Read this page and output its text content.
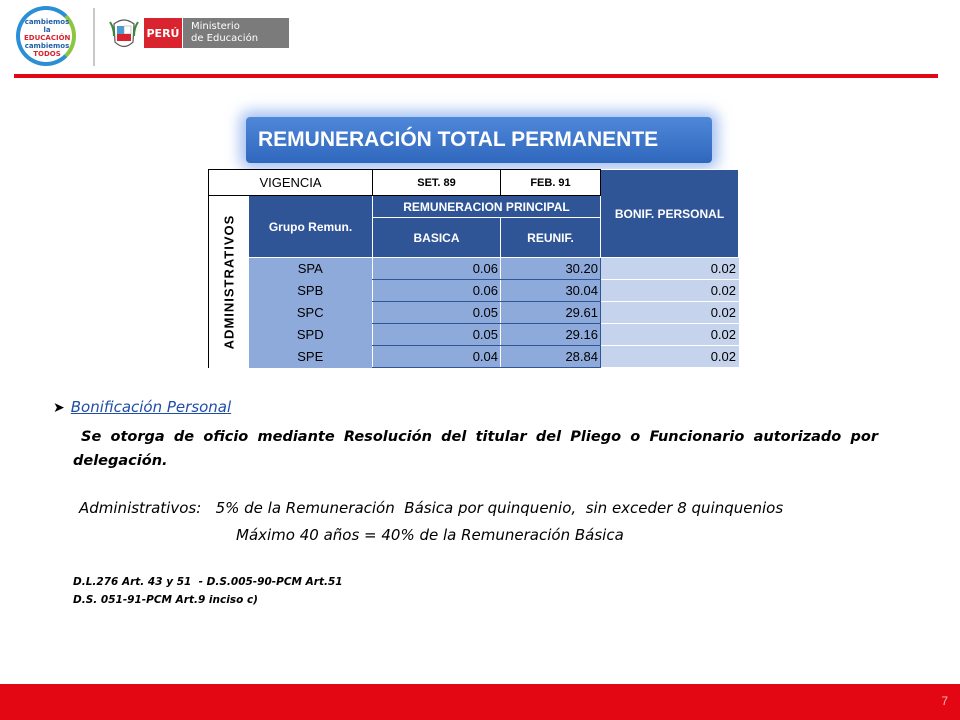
cambiemos la
EDUCACIÓN
cambiemos
TODOS
PERÚ Ministerio
de Educación
REMUNERACIÓN TOTAL PERMANENTE
VIGENCIA		SET. 89	FEB. 91	BONIF. PERSONAL

ADMINISTRATIVOS	Grupo Remun.	REMUNERACION PRINCIPAL		
		BASICA	REUNIF.	
	SPA	0.06	30.20	0.02
	SPB	0.06	30.04	0.02
	SPC	0.05	29.61	0.02
	SPD	0.05	29.16	0.02
	SPE	0.04	28.84	0.02
➤ Bonificación Personal
Se otorga de oficio mediante Resolución del titular del Pliego o Funcionario autorizado por delegación.
Administrativos:   5% de la Remuneración  Básica por quinquenio,  sin exceder 8 quinquenios
Máximo 40 años = 40% de la Remuneración Básica
D.L.276 Art. 43 y 51  - D.S.005-90-PCM Art.51
D.S. 051-91-PCM Art.9 inciso c)
7
